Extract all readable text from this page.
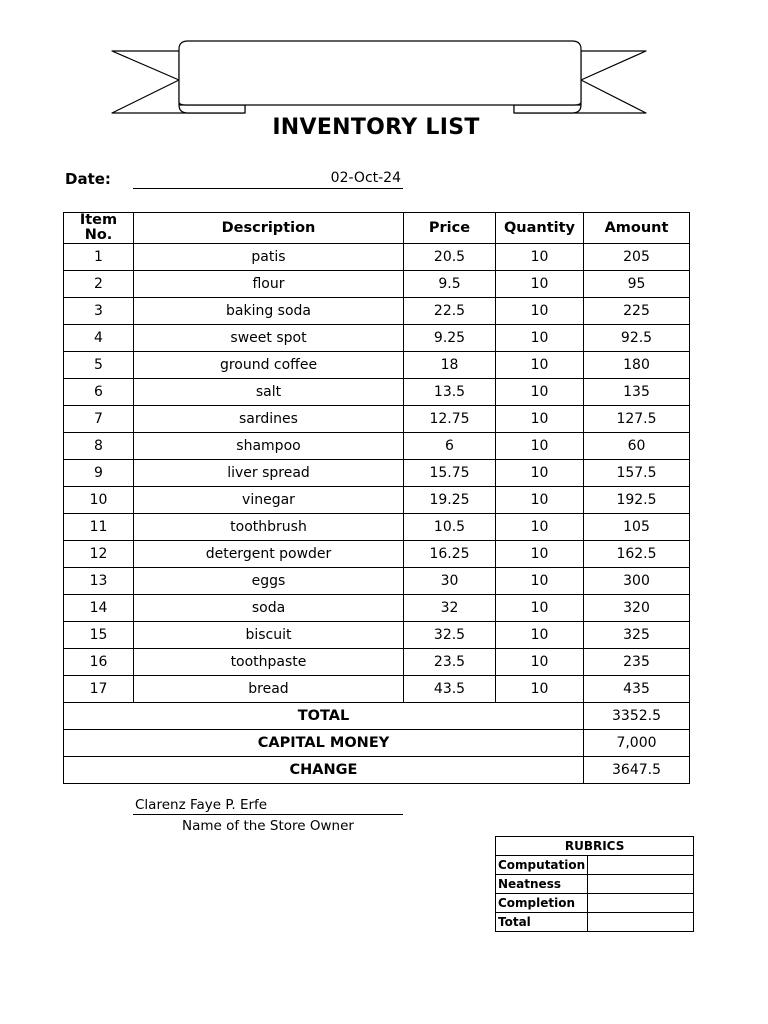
INVENTORY LIST
Date:	02-Oct-24
Item No.	Description	Price	Quantity	Amount
1	patis	20.5	10	205
2	flour	9.5	10	95
3	baking soda	22.5	10	225
4	sweet spot	9.25	10	92.5
5	ground coffee	18	10	180
6	salt	13.5	10	135
7	sardines	12.75	10	127.5
8	shampoo	6	10	60
9	liver spread	15.75	10	157.5
10	vinegar	19.25	10	192.5
11	toothbrush	10.5	10	105
12	detergent powder	16.25	10	162.5
13	eggs	30	10	300
14	soda	32	10	320
15	biscuit	32.5	10	325
16	toothpaste	23.5	10	235
17	bread	43.5	10	435
TOTAL				3352.5
CAPITAL MONEY				7,000
CHANGE				3647.5
Clarenz Faye P. Erfe
Name of the Store Owner
RUBRICS	
Computation	
Neatness	
Completion	
Total	
